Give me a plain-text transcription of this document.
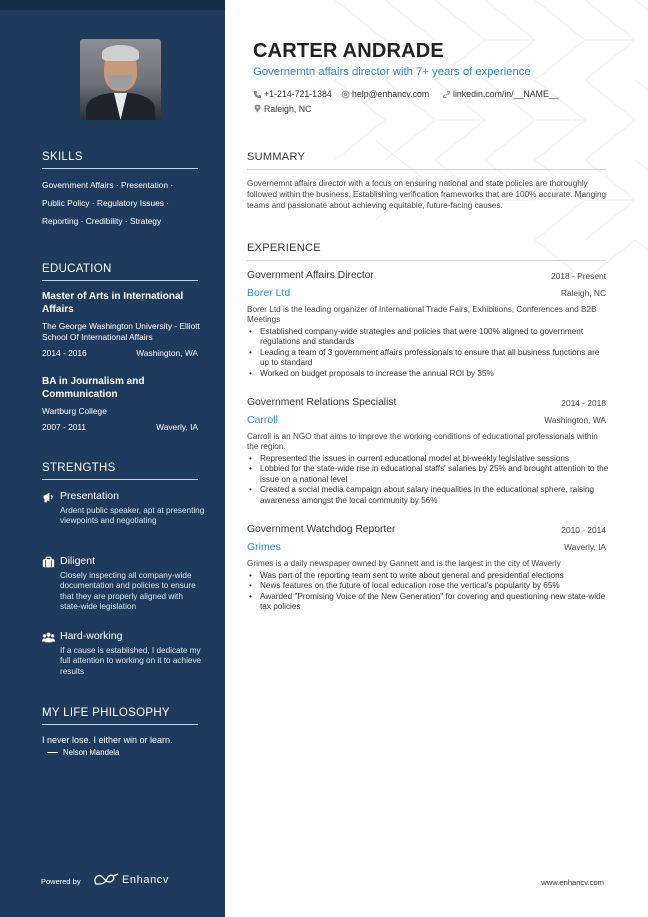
SKILLS
Government Affairs · Presentation ·
Public Policy · Regulatory Issues ·
Reporting · Credibility · Strategy
EDUCATION
Master of Arts in International Affairs
The George Washington University - Elliott School Of International Affairs
2014 - 2016	Washington, WA
BA in Journalism and Communication
Wartburg College
2007 - 2011	Waverly, IA
STRENGTHS
Presentation
Ardent public speaker, apt at presenting viewpoints and negotiating
Diligent
Closely inspecting all company-wide documentation and policies to ensure that they are properly aligned with state-wide legislation
Hard-working
If a cause is established, I dedicate my full attention to working on it to achieve results
MY LIFE PHILOSOPHY
I never lose. I either win or learn.
Nelson Mandela
Powered by	Enhancv
CARTER ANDRADE
Governemtn affairs director with 7+ years of experience
+1-214-721-1384 help@enhancv.com	linkedin.com/in/__NAME__
Raleigh, NC
SUMMARY
Governemnt affairs director with a focus on ensuring national and state policies are thoroughly followed within the business. Establishing verification frameworks that are 100% accurate. Manging teams and passionate about achieving equitable, future-facing causes.
EXPERIENCE
Government Affairs Director	2018 - Present
Borer Ltd	Raleigh, NC
Borer Ltd is the leading organizer of International Trade Fairs, Exhibitions, Conferences and B2B Meetings
• Established company-wide strategies and policies that were 100% aligned to government regulations and standards
• Leading a team of 3 government affairs professionals to ensure that all business functions are up to standard
• Worked on budget proposals to increase the annual ROI by 35%
Government Relations Specialist	2014 - 2018
Carroll	Washington, WA
Carroll is an NGO that aims to improve the working conditions of educational professionals within the region.
• Represented the issues in current educational model at bi-weekly legislative sessions
• Lobbied for the state-wide rise in educational staffs' salaries by 25% and brought attention to the issue on a national level
• Created a social media campaign about salary inequalities in the educational sphere, raising awareness amongst the local community by 56%
Government Watchdog Reporter	2010 - 2014
Grimes	Waverly, IA
Grimes is a daily newspaper owned by Gannett and is the largest in the city of Waverly
• Was part of the reporting team sent to write about general and presidential elections
• News features on the future of local education rose the vertical's popularity by 65%
• Awarded "Promising Voice of the New Generation" for covering and questioning new state-wide tax policies
www.enhancv.com
